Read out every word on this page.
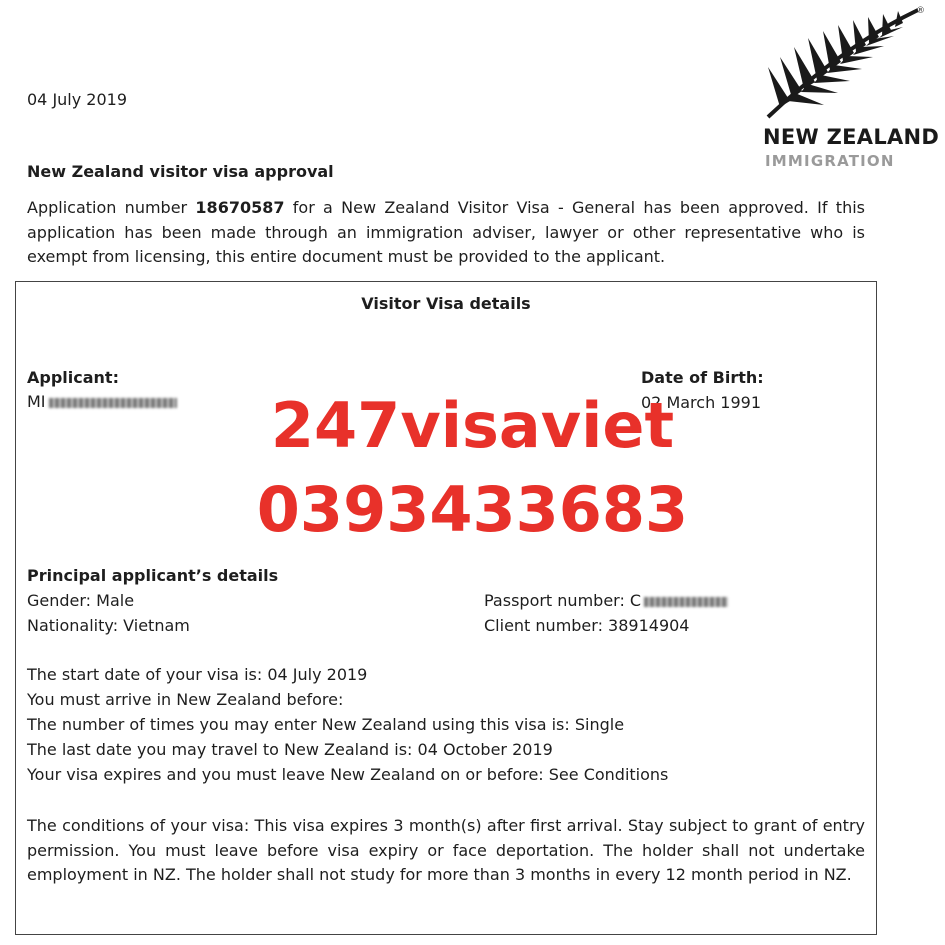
04 July 2019
New Zealand visitor visa approval
Application number 18670587 for a New Zealand Visitor Visa - General has been approved. If this application has been made through an immigration adviser, lawyer or other representative who is exempt from licensing, this entire document must be provided to the applicant.
®
NEW ZEALAND
IMMIGRATION
Visitor Visa details
Applicant:
MI
Date of Birth:
02 March 1991
247visaviet
0393433683
Principal applicant’s details
Gender: Male
Nationality: Vietnam
Passport number: C
Client number: 38914904
The start date of your visa is: 04 July 2019
You must arrive in New Zealand before:
The number of times you may enter New Zealand using this visa is: Single
The last date you may travel to New Zealand is: 04 October 2019
Your visa expires and you must leave New Zealand on or before: See Conditions
The conditions of your visa: This visa expires 3 month(s) after first arrival. Stay subject to grant of entry permission. You must leave before visa expiry or face deportation. The holder shall not undertake employment in NZ. The holder shall not study for more than 3 months in every 12 month period in NZ.
